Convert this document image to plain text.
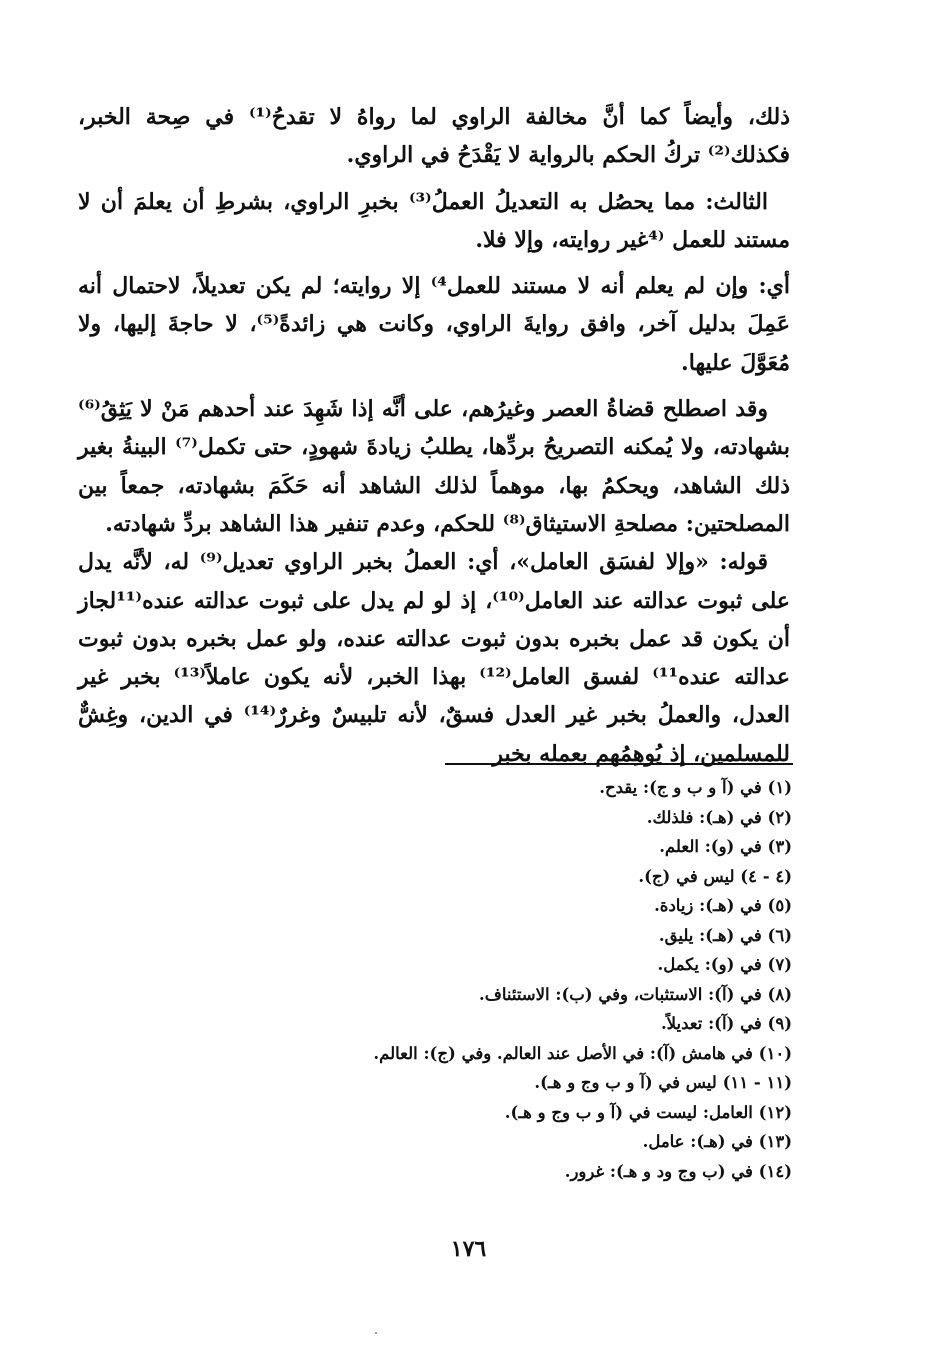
ذلك، وأيضاً كما أنَّ مخالفة الراوي لما رواهُ لا تقدحُ⁽¹⁾ في صِحة الخبر، فكذلك⁽²⁾ تركُ الحكم بالرواية لا يَقْدَحُ في الراوي.

الثالث: مما يحصُل به التعديلُ العملُ⁽³⁾ بخبرِ الراوي، بشرطِ أن يعلمَ أن لا مستند للعمل ⁽⁴غير روايته، وإلا فلا.

أي: وإن لم يعلم أنه لا مستند للعمل⁴⁾ إلا روايته؛ لم يكن تعديلاً، لاحتمال أنه عَمِلَ بدليل آخر، وافق روايةَ الراوي، وكانت هي زائدةً⁽⁵⁾، لا حاجةَ إليها، ولا مُعَوَّلَ عليها.

وقد اصطلح قضاةُ العصر وغيرُهم، على أنَّه إذا شَهِدَ عند أحدهم مَنْ لا يَثِقُ⁽⁶⁾ بشهادته، ولا يُمكنه التصريحُ بردِّها، يطلبُ زيادةَ شهودٍ، حتى تكمل⁽⁷⁾ البينةُ بغير ذلك الشاهد، ويحكمُ بها، موهماً لذلك الشاهد أنه حَكَمَ بشهادته، جمعاً بين المصلحتين: مصلحةِ الاستيثاق⁽⁸⁾ للحكم، وعدم تنفير هذا الشاهد بردِّ شهادته.

قوله: «وإلا لفسَق العامل»، أي: العملُ بخبر الراوي تعديل⁽⁹⁾ له، لأنَّه يدل على ثبوت عدالته عند العامل⁽¹⁰⁾، إذ لو لم يدل على ثبوت عدالته عنده⁽¹¹لجاز أن يكون قد عمل بخبره بدون ثبوت عدالته عنده، ولو عمل بخبره بدون ثبوت عدالته عنده¹¹⁾ لفسق العامل⁽¹²⁾ بهذا الخبر، لأنه يكون عاملاً⁽¹³⁾ بخبر غير العدل، والعملُ بخبر غير العدل فسقٌ، لأنه تلبيسٌ وغررٌ⁽¹⁴⁾ في الدين، وغِشٌّ للمسلمين، إذ يُوهِمُهم بعمله بخبر

(١) في (آ و ب و ج): يقدح.
(٢) في (هـ): فلذلك.
(٣) في (و): العلم.
(٤ - ٤) ليس في (ج).
(٥) في (هـ): زيادة.
(٦) في (هـ): يليق.
(٧) في (و): يكمل.
(٨) في (آ): الاستثبات، وفي (ب): الاستئناف.
(٩) في (آ): تعديلاً.
(١٠) في هامش (آ): في الأصل عند العالم. وفي (ج): العالم.
(١١ - ١١) ليس في (آ و ب وج و هـ).
(١٢) العامل: ليست في (آ و ب وج و هـ).
(١٣) في (هـ): عامل.
(١٤) في (ب وج ود و هـ): غرور.
١٧٦
